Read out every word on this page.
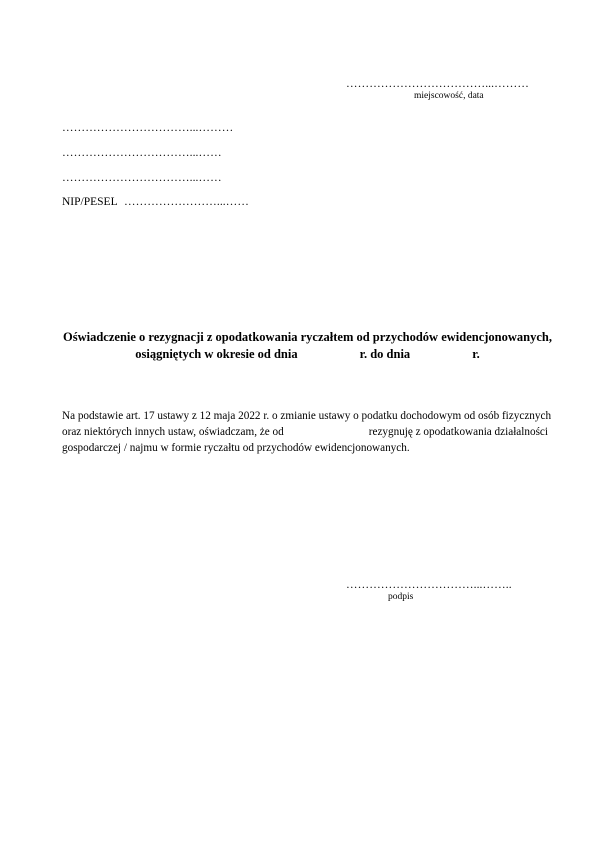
………………………………...………
miejscowość, data
……………………………...………
……………………………...……
……………………………...……
NIP/PESEL ……………………...……
Oświadczenie o rezygnacji z opodatkowania ryczałtem od przychodów ewidencjonowanych,
osiągniętych w okresie od dnia	r. do dnia	r.
Na podstawie art. 17 ustawy z 12 maja 2022 r. o zmianie ustawy o podatku dochodowym od osób fizycznych
oraz niektórych innych ustaw, oświadczam, że od	rezygnuję z opodatkowania działalności
gospodarczej / najmu w formie ryczałtu od przychodów ewidencjonowanych.
……………………………...……..
podpis
